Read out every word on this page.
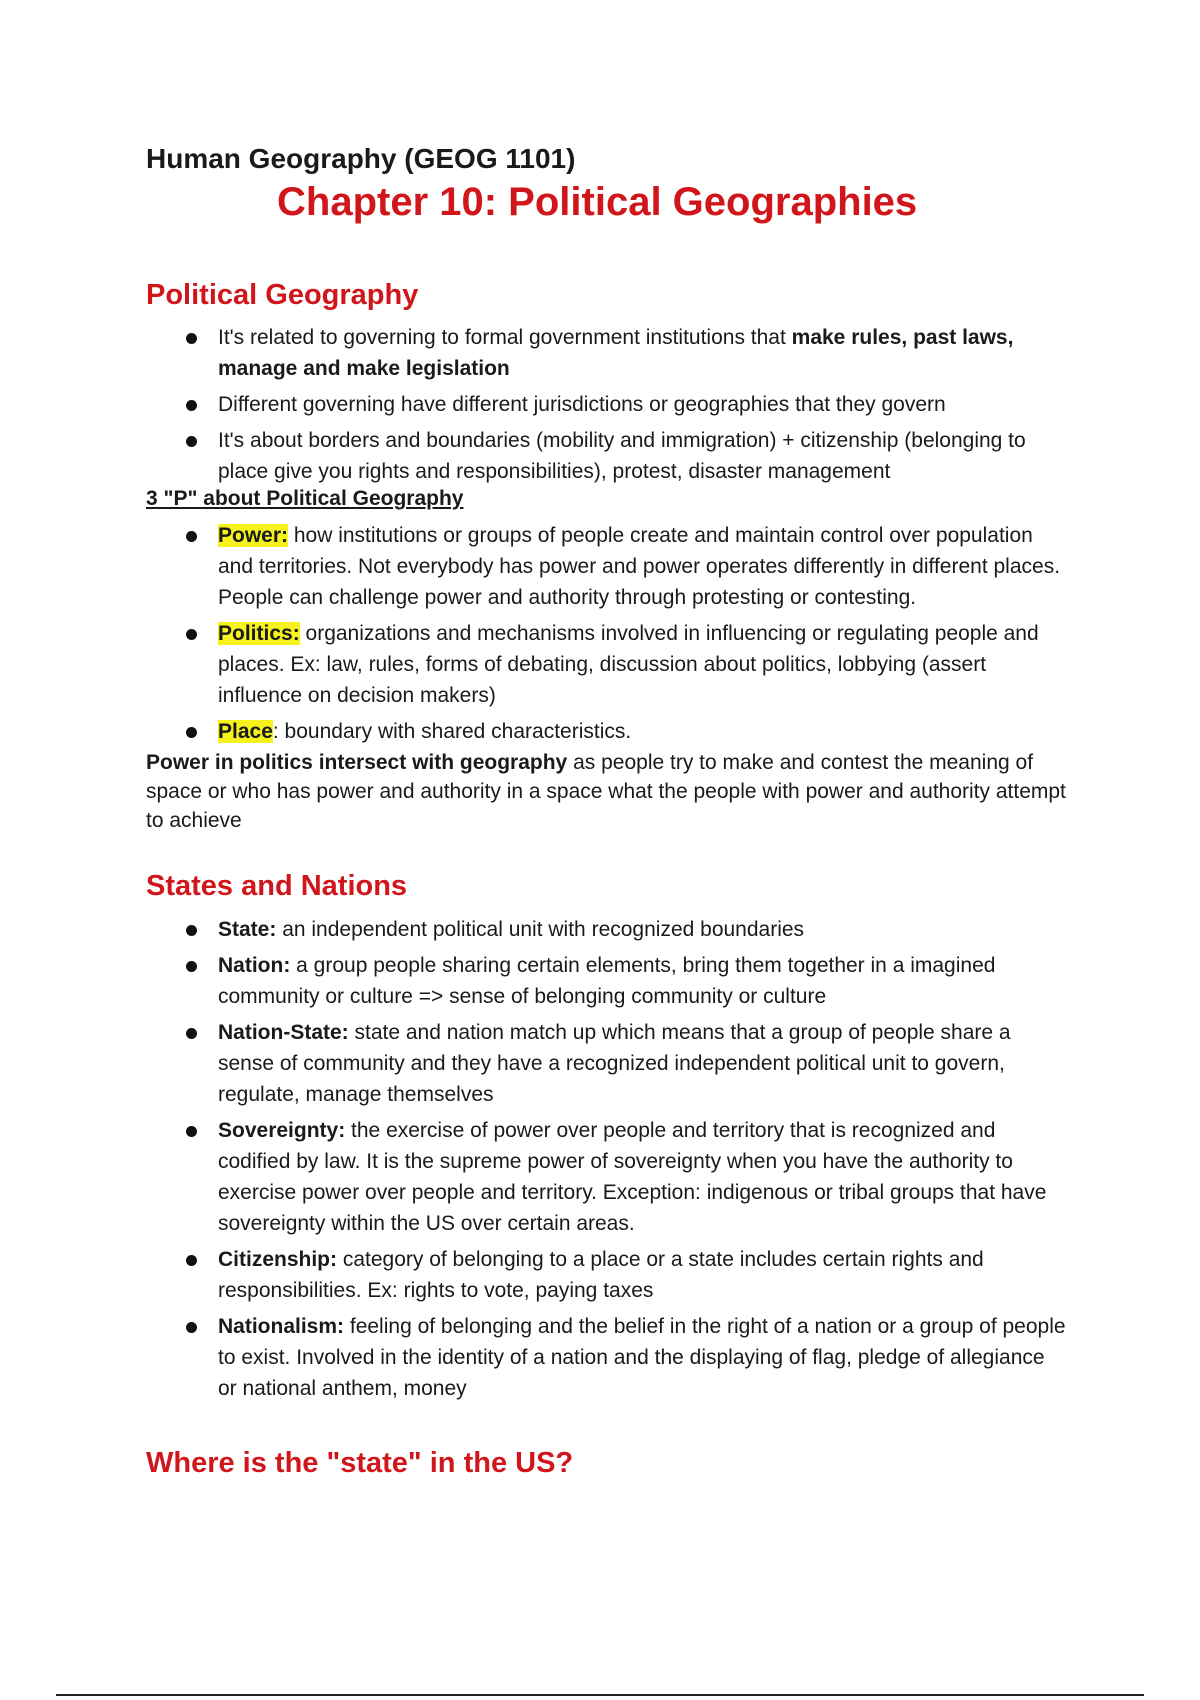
Human Geography (GEOG 1101)

Chapter 10: Political Geographies

Political Geography

It's related to governing to formal government institutions that make rules, past laws, manage and make legislation
Different governing have different jurisdictions or geographies that they govern
It's about borders and boundaries (mobility and immigration) + citizenship (belonging to place give you rights and responsibilities), protest, disaster management

3 "P" about Political Geography

Power: how institutions or groups of people create and maintain control over population and territories. Not everybody has power and power operates differently in different places. People can challenge power and authority through protesting or contesting.
Politics: organizations and mechanisms involved in influencing or regulating people and places. Ex: law, rules, forms of debating, discussion about politics, lobbying (assert influence on decision makers)
Place: boundary with shared characteristics.

Power in politics intersect with geography as people try to make and contest the meaning of space or who has power and authority in a space what the people with power and authority attempt to achieve

States and Nations

State: an independent political unit with recognized boundaries
Nation: a group people sharing certain elements, bring them together in a imagined community or culture => sense of belonging community or culture
Nation-State: state and nation match up which means that a group of people share a sense of community and they have a recognized independent political unit to govern, regulate, manage themselves
Sovereignty: the exercise of power over people and territory that is recognized and codified by law. It is the supreme power of sovereignty when you have the authority to exercise power over people and territory. Exception: indigenous or tribal groups that have sovereignty within the US over certain areas.
Citizenship: category of belonging to a place or a state includes certain rights and responsibilities. Ex: rights to vote, paying taxes
Nationalism: feeling of belonging and the belief in the right of a nation or a group of people to exist. Involved in the identity of a nation and the displaying of flag, pledge of allegiance or national anthem, money

Where is the "state" in the US?
